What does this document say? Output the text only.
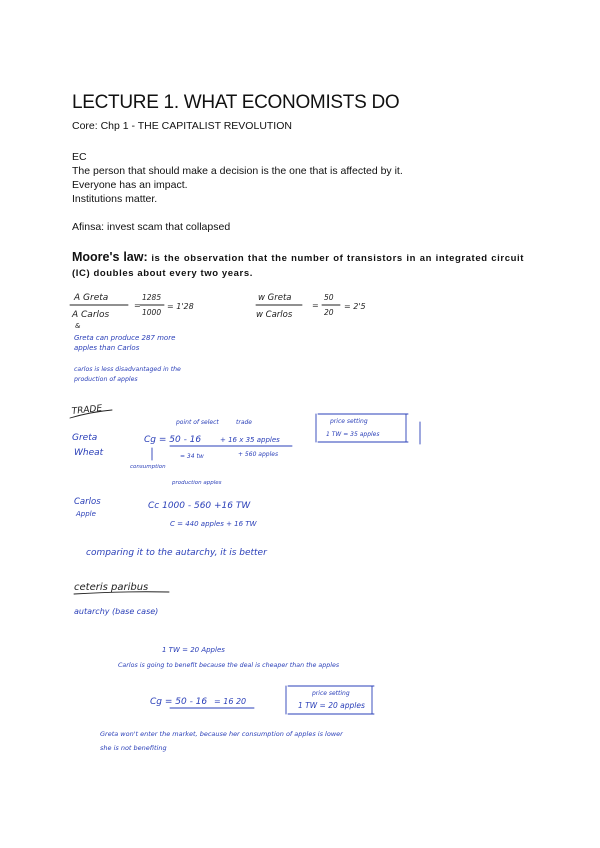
LECTURE 1. WHAT ECONOMISTS DO
Core: Chp 1 - THE CAPITALIST REVOLUTION
EC
The person that should make a decision is the one that is affected by it.
Everyone has an impact.
Institutions matter.
Afinsa: invest scam that collapsed
Moore's law: is the observation that the number of transistors in an integrated circuit (IC) doubles about every two years.
A Greta
A Carlos
=
1285
1000
= 1'28
&
w Greta
w Carlos
=
50
20
= 2'5
Greta can produce 287 more
apples than Carlos
carlos is less disadvantaged in the
production of apples
TRADE
Greta
Wheat
point of select	trade
Cg = 50 - 16	+ 16 x 35 apples
= 34 tw	+ 560 apples
consumption
price setting
1 TW = 35 apples
Carlos
Apple
production apples
Cc 1000 - 560 +16 TW
C = 440 apples + 16 TW
comparing it to the autarchy, it is better
ceteris paribus
autarchy (base case)
1 TW = 20 Apples
Carlos is going to benefit because the deal is cheaper than the apples
Cg = 50 - 16 = 16 20
price setting
1 TW = 20 apples
Greta won't enter the market, because her consumption of apples is lower
she is not benefiting
